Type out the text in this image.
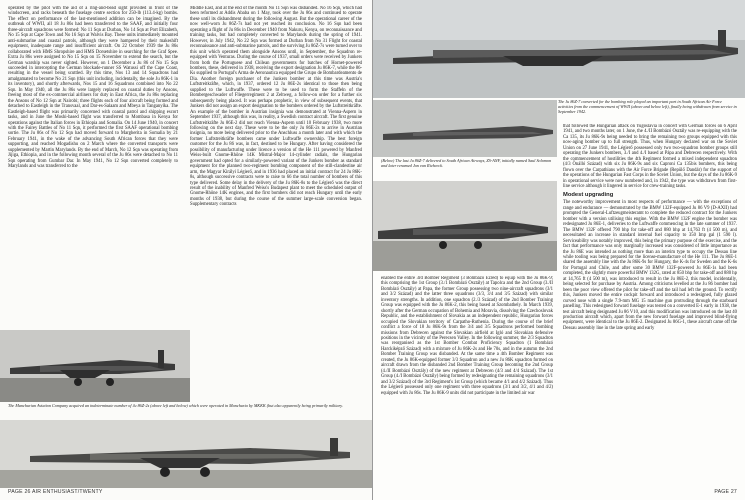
operated by the pilot with the aid of a ring-and-bead sight provided in front of the windscreen, and racks beneath the fuselage centre section for 250-lb (113.4-kg) bombs. The effect on performance of the last-mentioned addition can be imagined. By the outbreak of WWII, all 18 Ju 86s had been transferred to the SAAF, and initially four three-aircraft squadrons were formed: No 11 Sqn at Durban, No 14 Sqn at Port Elizabeth, No 15 Sqn at Cape Town and No 16 Sqn at Walvis Bay. These units immediately mounted anti-submarine and coastal patrols, although they were hampered by their makeshift equipment, inadequate range and insufficient aircraft. On 22 October 1939 the Ju 86s collaborated with HMS Shropshire and HMS Dorsetshire in searching for the Graf Spee. Extra Ju 86s were assigned to No 15 Sqn on 15 November to extend the search, but the German warship was never sighted. However, on 1 December a Ju 86 of No 15 Sqn succeeded in intercepting the German blockade-runner SS Watussi off the Cape Coast, resulting in the vessel being scuttled. By this time, Nos 13 and 14 Squadrons had amalgamated to become No 21 Sqn (this unit including, incidentally, the sole Ju 86K-1 in its inventory), and shortly afterwards, Nos 15 and 16 Squadrons combined into No 22 Sqn. In May 1940, all the Ju 86s were largely replaced on coastal duties by Ansons, freeing most of the ex-commercial airliners for duty in East Africa, the Ju 86s replacing the Ansons of No 12 Sqn at Nairobi; three flights each of four aircraft being formed and detached to Eastleigh in the Transvaal, and Dar-es-Salaam and Mbeya in Tanganyika. The Eastleigh-based flight was primarily concerned with coastal patrol and shipping escort tasks, and in June the Moshi-based flight was transferred to Mombasa in Kenya for operations against the Italian forces in Ethiopia and Somalia. On 14 June 1940, in concert with the Fairey Battles of No 11 Sqn, it performed the first SAAF operational bombing sortie. The Ju 86s of No 12 Sqn had moved forward to Margherita in Somalia by 21 February 1941, in the wake of the advancing South African forces that they were supporting, and reached Mogadishu on 2 March where the converted transports were supplemented by Martin Marylands. By the end of March, No 12 Sqn was operating from Jijiga, Ethiopia, and in the following month several of the Ju 86s were detached to No 11 Sqn operating from Gumbar Dar. In May 1941, No 12 Sqn converted completely to Marylands and was transferred to the

Middle East, and at the end of the month No 11 Sqn was disbanded. No 16 Sqn, which had been reformed at Addis Ababa on 1 May, took over the Ju 86s and continued to operate these until its disbandment during the following August. But the operational career of the now well-worn Ju 86Z-7s had not yet reached its conclusion. No 16 Sqn had been operating a flight of Ju 86s in December 1940 from Nakuru, Kenya, on reconnaissance and training tasks, but had completely converted to Marylands during the spring of 1941. However, in July 1942, No 22 Sqn was formed at Durban from No 31 Flight for coastal reconnaissance and anti-submarine patrols, and the surviving Ju 86Z-7s were turned over to this unit which operated them alongside Ansons until, in September, the Squadron re-equipped with Venturas. During the course of 1937, small orders were received by Junkers from both the Portuguese and Chilean governments for batches of Hornet-powered bombers, these, delivered in 1938, receiving the export designation Ju 86K-7, while the 86-Ks supplied to Portugal's Arma de Aeronautica equipped the Grupo de Bombardeamento de Dia. Another foreign purchaser of the Junkers bomber at this time was Austria's Luftstreitkräfte, which, in 1937, ordered 12 Ju 86E-2s identical to those then being supplied to the Luftwaffe. These were to be used to form the Staffeln of the Bombergeschwader of Fliegerregiment 2 at Zeltweg, a follow-on order for a further six subsequently being placed. It was perhaps prophetic, in view of subsequent events, that Junkers did not assign an export designation to the bombers ordered by the Luftstreitkräfte. An example of the bomber in Austrian insignia was demonstrated at Vienna-Aspern in September 1937, although this was, in reality, a Swedish contract aircraft. The first genuine Luftstreitkräfte Ju 86E-2 did not reach Vienna-Aspern until 10 February 1938, two more following on the next day. These were to be the only Ju 86E-2s to arrive in Austrian insignia, no more being delivered prior to the Anschluss a month later and with which the former Luftstreitkräfte bombers came under Luftwaffe ownership. The best foreign customer for the Ju 86 was, in fact, destined to be Hungary. After having considered the possibility of manufacturing under licence a version of the He 111 powered by Manfred Weiss-built Gnome-Rhône 14K Mistral-Major 14-cylinder radials, the Hungarian government had opted for a similarly-powered variant of the Junkers bomber as standard equipment for the planned two-regiment bombing component of the still-clandestine air arm, the Magyar Királyi Légierő, and in 1936 had placed an initial contract for 24 Ju 86K-8s, although successive contracts were to raise to 66 the total number of bombers of this type delivered. Some delay in the delivery of the Ju 86K-8s to the Légierő was the direct result of the inability of Manfred Weiss's Budapest plant to meet the scheduled output of Gnome-Rhône 14K engines, and the first bombers did not reach Hungary until the early months of 1938, but during the course of the summer large-scale conversion began. Supplementary contracts

The Manchurian Aviation Company acquired an indeterminate number of Ju 86Z-2s (above left and below) which were operated in Manchuria by MKKK (but also apparently being primarily military.
PAGE 26 AIR ENTHUSIAST/TWENTY
The Ju 86Z-7 converted for the bombing role played an important part in South African Air Force activities from the commencement of WWII (above and below left), finally being withdrawn from service in September 1942.
(Below) The last Ju 86Z-7 delivered to South African Airways, ZS-ANF, initially named Saul Solomon and later renamed Jan van Riebeeck.

enabled the entire 3rd Bomber Regiment (3 Bombázó Ezred) to equip with the Ju 86K-9; this comprising the 1st Group (3./1 Bombázó Osztály) at Tapolca and the 2nd Group (3./II Bombázó Osztály) at Papa, the former Group possessing two nine-aircraft squadrons (3/1 and 3/2 Század) and the latter three squadrons (3/3, 3/4 and 3/5 Század) with similar inventory strengths. In addition, one squadron (2./3 Század) of the 2nd Bomber Training Group was equipped with the Ju 86K-2, this being based at Szombathely. In March 1939, shortly after the German occupation of Bohemia and Moravia, dissolving the Czechoslovak Republic, and the establishment of Slovakia as an independent republic, Hungarian forces occupied the Slovakian territory of Carpatho-Ruthenia. During the course of the brief conflict a force of 18 Ju 86K-9s from the 3/4 and 3/5 Squadrons performed bombing missions from Debrecen against the Slovakian airfield at Igló and Slovakian defensive positions in the vicinity of the Perecsen Valley. In the following summer, the 2/3 Squadron was reorganised as the 1st Bomber Combat Proficiency Squadron (1 Bombázó Harckiképző Század) with a mixture of Ju 86K-2s and He 70s, and in the autumn the 2nd Bomber Training Group was disbanded. At the same time a 4th Bomber Regiment was created, the Ju 86K-equipped former 3/3 Squadron and a new Ju 86K squadron formed on aircraft drawn from the disbanded 2nd Bomber Training Group becoming the 2nd Group (4./II Bombázó Osztály) of the new regiment at Debrecen (4/3 and 4/4 Század). The 1st Group (4./I Bombázó Osztály) being formed by redesignating the remaining squadrons (3/1 and 3/2 Század) of the 3rd Regiment's 1st Group (which became 4/1 and 4/2 Század). Thus the Légierő possessed only one regiment with three squadrons (3/1 and 3/2, 4/1 and 4/2) equipped with Ju 86s. The Ju 86K-9 units did not participate in the limited air war

that followed the Hungarian attack on Yugoslavia in concert with German forces on 6 April 1941, and two months later, on 1 June, the 4./II Bombázó Osztály was re-equipping with the Ca 135, its Ju 86K-9s being needed to bring the remaining two groups equipped with this now-aging bomber up to full strength. Thus, when Hungary declared war on the Soviet Union on 27 June 1941, the Légierő possessed only two two-squadron bomber groups still operating the Junkers bombers, 3./I and 4./I based at Pápa and Debrecen respectively. With the commencement of hostilities the 4th Regiment formed a mixed independent squadron (4/3 Önálló Század) with six Ju 86K-9s and six Caproni Ca 135bis bombers, this being flown over the Carpathians with the Air Force Brigade (Repülő Dandár) for the support of the operations of the Hungarian Fast Corps in the Soviet Union, but the days of the Ju 86K-9 in operational service were now numbered and, in 1942, the type was withdrawn from first-line service although it lingered in service for crew-training tasks.

Modest upgrading

The noteworthy improvement in most respects of performance — with the exceptions of range and endurance — demonstrated by the BMW 132F-equipped Ju 86 V9 (D-AXII) had prompted the General-Luftzeugmeisteramt to complete the reduced contract for the Junkers bomber with a version utilising this engine. With the BMW 132F engine the bomber was redesignated Ju 86E-1, deliveries to the Luftwaffe commencing in the late summer of 1937. The BMW 132F offered 790 bhp for take-off and 880 bhp at 14,763 ft (4 500 m), and necessitated an increase in standard internal fuel capacity to 350 Imp gal (1 590 l). Serviceability was notably improved, this being the primary purpose of the exercise, and the fact that performance was only marginally increased was considered of little importance as the Ju 86E was intended as nothing more than an interim type to occupy the Dessau line while tooling was being prepared for the license-manufacture of the He 111. The Ju 86E-1 shared the assembly line with the Ju 86K-9s for Hungary, the K-4s for Sweden and the K-6s for Portugal and Chile, and after some 30 BMW 132F-powered Ju 86E-1s had been completed, the slightly more powerful BMW 132G, rated at 850 bhp for take-off and 880 hp at 14,765 ft (4 500 m), was introduced to result in the Ju 86E-2, this model, incidentally, being selected for purchase by Austria. Among criticisms levelled at the Ju 86 bomber had been the poor view offered the pilot for take-off and the tail had left the ground. To rectify this, Junkers moved the entire cockpit forward and introduced a redesigned, fully glazed curved nose with a single 7.9-mm MG 15 machine gun protruding through the starboard panelling. This redesigned forward fuselage was tested on a converted E-1 early in 1938, the test aircraft being designated Ju 86 V10, and this modification was introduced on the last 40 production aircraft which, apart from the new forward fuselage and improved blind-flying equipment, were identical to the Ju 86E-2. Designated Ju 86G-1, these aircraft came off the Dessau assembly line in the late spring and early

PAGE 27
